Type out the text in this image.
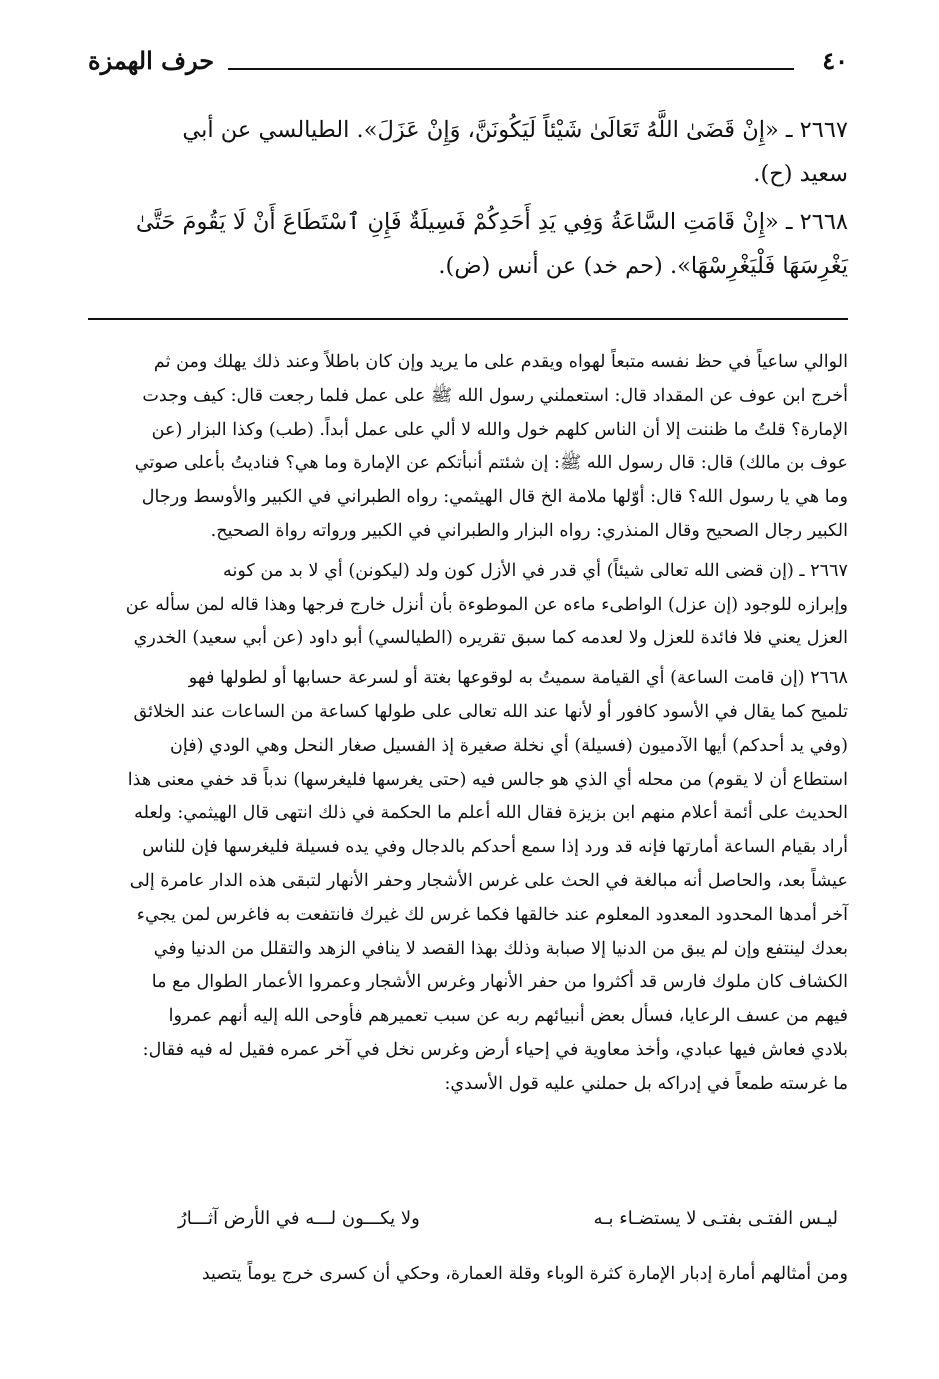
٤٠
حرف الهمزة

٢٦٦٧ ـ «إِنْ قَضَىٰ اللَّهُ تَعَالَىٰ شَيْئاً لَيَكُونَنَّ، وَإِنْ عَزَلَ». الطيالسي عن أبي
سعيد (ح).

٢٦٦٨ ـ «إِنْ قَامَتِ السَّاعَةُ وَفِي يَدِ أَحَدِكُمْ فَسِيلَةٌ فَإِنِ ٱسْتَطَاعَ أَنْ لَا يَقُومَ حَتَّىٰ
يَغْرِسَهَا فَلْيَغْرِسْهَا». (حم خد) عن أنس (ض).

الوالي ساعياً في حظ نفسه متبعاً لهواه ويقدم على ما يريد وإن كان باطلاً وعند ذلك يهلك ومن ثم
أخرج ابن عوف عن المقداد قال: استعملني رسول الله ﷺ على عمل فلما رجعت قال: كيف وجدت
الإمارة؟ قلتُ ما ظننت إلا أن الناس كلهم خول والله لا ألي على عمل أبداً. (طب) وكذا البزار (عن
عوف بن مالك) قال: قال رسول الله ﷺ: إن شئتم أنبأتكم عن الإمارة وما هي؟ فناديتُ بأعلى صوتي
وما هي يا رسول الله؟ قال: أوّلها ملامة الخ قال الهيثمي: رواه الطبراني في الكبير والأوسط ورجال
الكبير رجال الصحيح وقال المنذري: رواه البزار والطبراني في الكبير ورواته رواة الصحيح.

٢٦٦٧ ـ (إن قضى الله تعالى شيئاً) أي قدر في الأزل كون ولد (ليكونن) أي لا بد من كونه
وإبرازه للوجود (إن عزل) الواطىء ماءه عن الموطوءة بأن أنزل خارج فرجها وهذا قاله لمن سأله عن
العزل يعني فلا فائدة للعزل ولا لعدمه كما سبق تقريره (الطيالسي) أبو داود (عن أبي سعيد) الخدري

٢٦٦٨ (إن قامت الساعة) أي القيامة سميتُ به لوقوعها بغتة أو لسرعة حسابها أو لطولها فهو
تلميح كما يقال في الأسود كافور أو لأنها عند الله تعالى على طولها كساعة من الساعات عند الخلائق
(وفي يد أحدكم) أيها الآدميون (فسيلة) أي نخلة صغيرة إذ الفسيل صغار النحل وهي الودي (فإن
استطاع أن لا يقوم) من محله أي الذي هو جالس فيه (حتى يغرسها فليغرسها) ندباً قد خفي معنى هذا
الحديث على أئمة أعلام منهم ابن بزيزة فقال الله أعلم ما الحكمة في ذلك انتهى قال الهيثمي: ولعله
أراد بقيام الساعة أمارتها فإنه قد ورد إذا سمع أحدكم بالدجال وفي يده فسيلة فليغرسها فإن للناس
عيشاً بعد، والحاصل أنه مبالغة في الحث على غرس الأشجار وحفر الأنهار لتبقى هذه الدار عامرة إلى
آخر أمدها المحدود المعدود المعلوم عند خالقها فكما غرس لك غيرك فانتفعت به فاغرس لمن يجيء
بعدك لينتفع وإن لم يبق من الدنيا إلا صبابة وذلك بهذا القصد لا ينافي الزهد والتقلل من الدنيا وفي
الكشاف كان ملوك فارس قد أكثروا من حفر الأنهار وغرس الأشجار وعمروا الأعمار الطوال مع ما
فيهم من عسف الرعايا، فسأل بعض أنبيائهم ربه عن سبب تعميرهم فأوحى الله إليه أنهم عمروا
بلادي فعاش فيها عبادي، وأخذ معاوية في إحياء أرض وغرس نخل في آخر عمره فقيل له فيه فقال:
ما غرسته طمعاً في إدراكه بل حملني عليه قول الأسدي:

ليـس الفتـى بفتـى لا يستضـاء بـه
ولا يكـــون لـــه في الأرض آثـــارُ
ومن أمثالهم أمارة إدبار الإمارة كثرة الوباء وقلة العمارة، وحكي أن كسرى خرج يوماً يتصيد
